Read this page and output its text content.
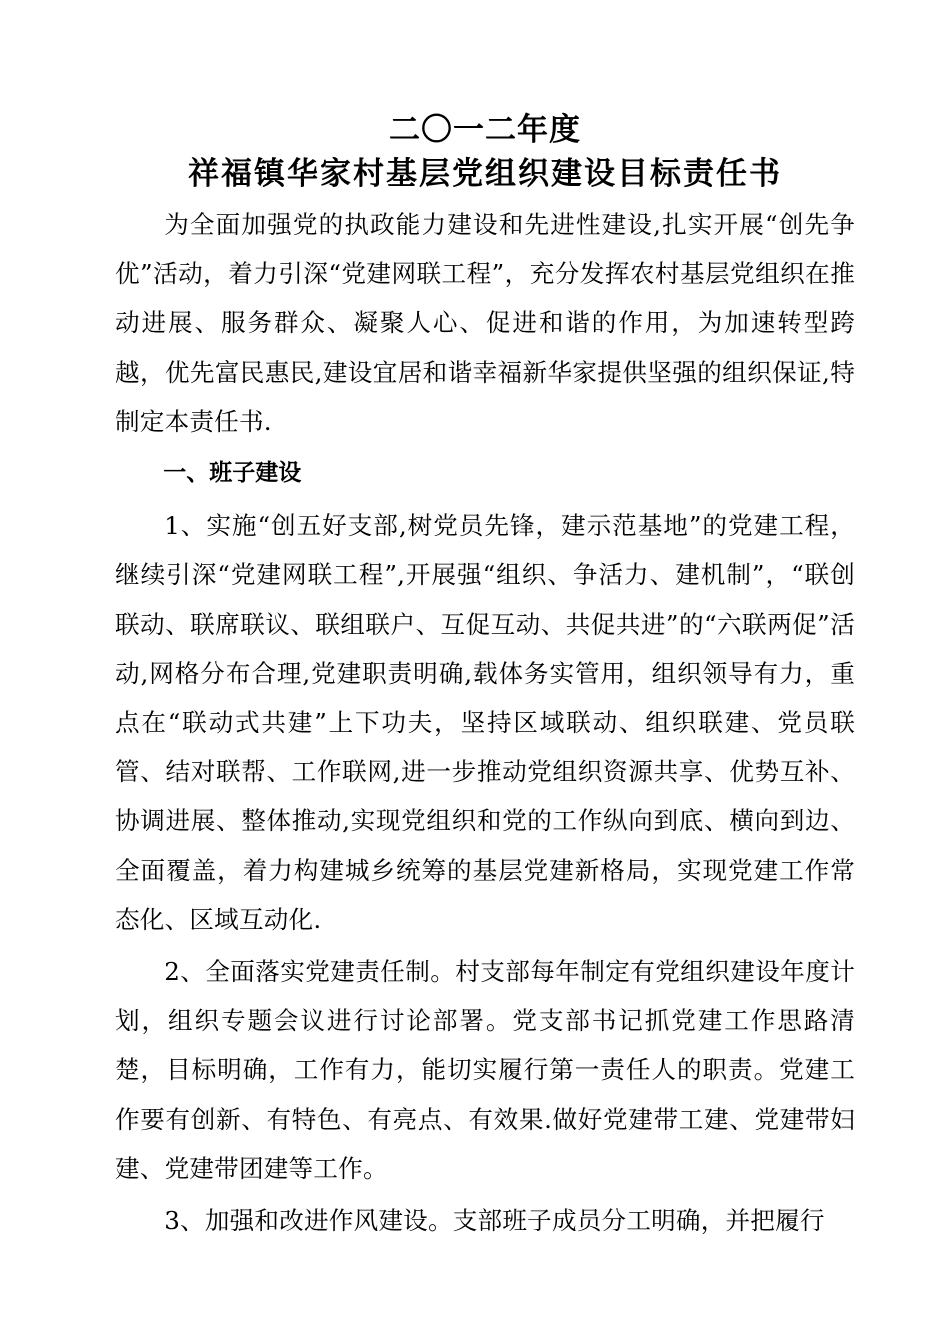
二〇一二年度
祥福镇华家村基层党组织建设目标责任书

为全面加强党的执政能力建设和先进性建设,扎实开展“创先争优”活动，着力引深“党建网联工程”，充分发挥农村基层党组织在推动进展、服务群众、凝聚人心、促进和谐的作用，为加速转型跨越，优先富民惠民,建设宜居和谐幸福新华家提供坚强的组织保证,特制定本责任书.

一、班子建设

1、实施“创五好支部,树党员先锋，建示范基地”的党建工程，继续引深“党建网联工程”,开展强“组织、争活力、建机制”，“联创联动、联席联议、联组联户、互促互动、共促共进”的“六联两促”活动,网格分布合理,党建职责明确,载体务实管用，组织领导有力，重点在“联动式共建”上下功夫，坚持区域联动、组织联建、党员联管、结对联帮、工作联网,进一步推动党组织资源共享、优势互补、协调进展、整体推动,实现党组织和党的工作纵向到底、横向到边、全面覆盖，着力构建城乡统筹的基层党建新格局，实现党建工作常态化、区域互动化.

2、全面落实党建责任制。村支部每年制定有党组织建设年度计划，组织专题会议进行讨论部署。党支部书记抓党建工作思路清楚，目标明确，工作有力，能切实履行第一责任人的职责。党建工作要有创新、有特色、有亮点、有效果.做好党建带工建、党建带妇建、党建带团建等工作。

3、加强和改进作风建设。支部班子成员分工明确，并把履行
